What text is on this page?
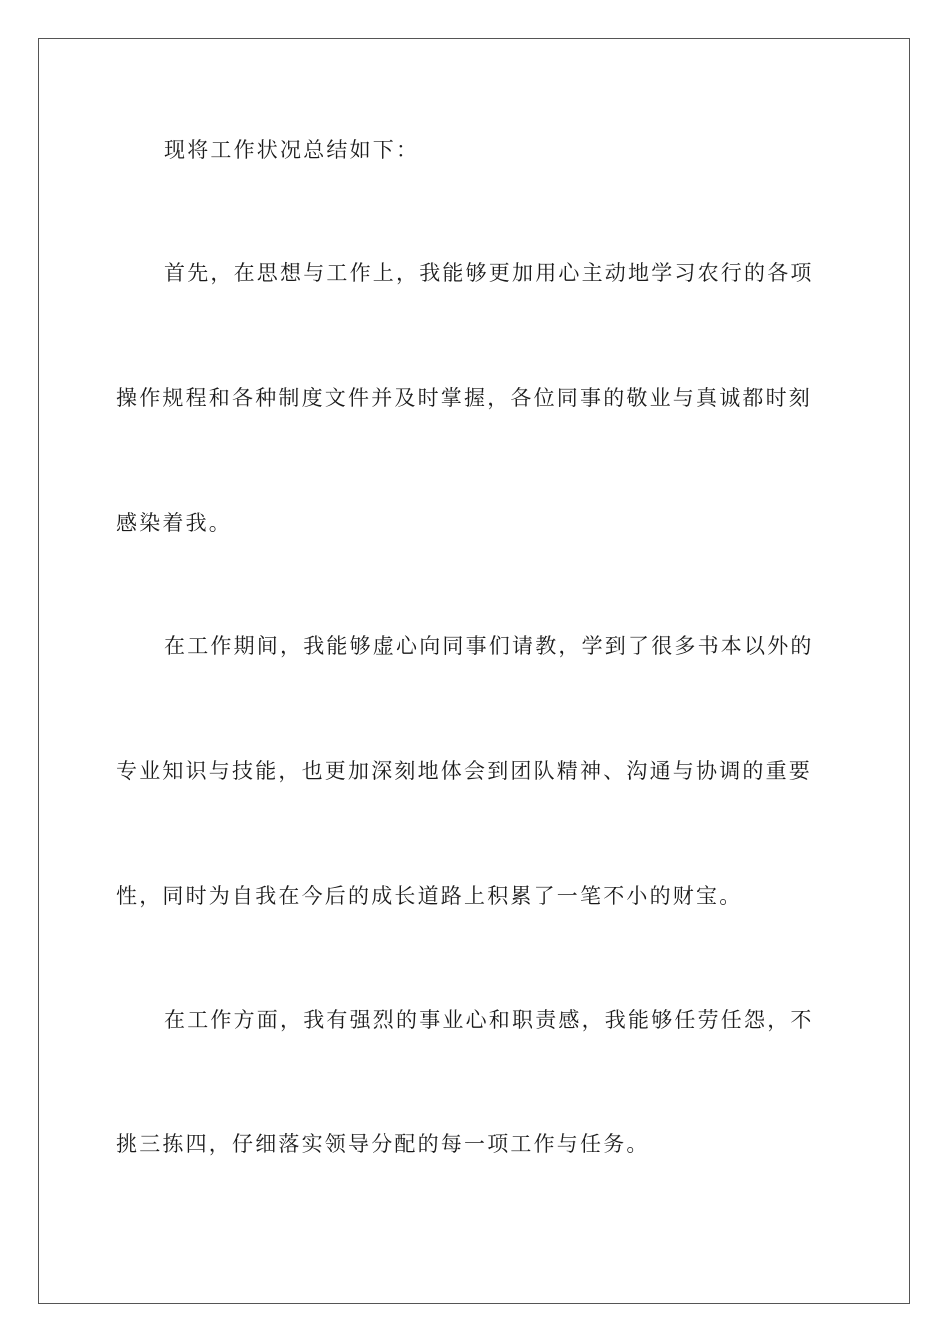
现将工作状况总结如下：
首先，在思想与工作上，我能够更加用心主动地学习农行的各项
操作规程和各种制度文件并及时掌握，各位同事的敬业与真诚都时刻
感染着我。
在工作期间，我能够虚心向同事们请教，学到了很多书本以外的
专业知识与技能，也更加深刻地体会到团队精神、沟通与协调的重要
性，同时为自我在今后的成长道路上积累了一笔不小的财宝。
在工作方面，我有强烈的事业心和职责感，我能够任劳任怨，不
挑三拣四，仔细落实领导分配的每一项工作与任务。
